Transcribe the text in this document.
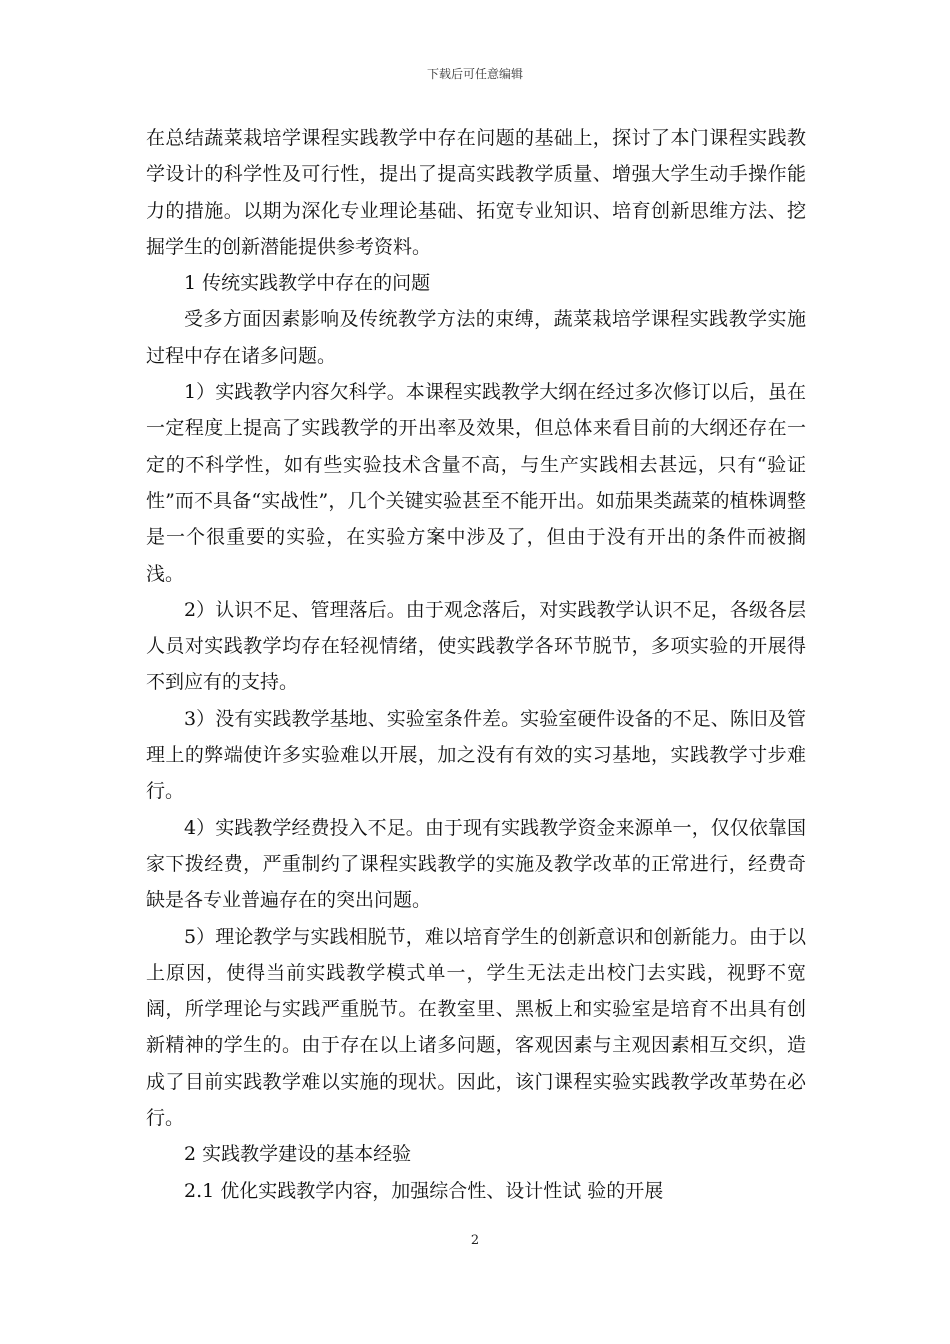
下载后可任意编辑

在总结蔬菜栽培学课程实践教学中存在问题的基础上，探讨了本门课程实践教学设计的科学性及可行性，提出了提高实践教学质量、增强大学生动手操作能力的措施。以期为深化专业理论基础、拓宽专业知识、培育创新思维方法、挖掘学生的创新潜能提供参考资料。

1 传统实践教学中存在的问题

受多方面因素影响及传统教学方法的束缚，蔬菜栽培学课程实践教学实施过程中存在诸多问题。

1）实践教学内容欠科学。本课程实践教学大纲在经过多次修订以后，虽在一定程度上提高了实践教学的开出率及效果，但总体来看目前的大纲还存在一定的不科学性，如有些实验技术含量不高，与生产实践相去甚远，只有“验证性”而不具备“实战性”，几个关键实验甚至不能开出。如茄果类蔬菜的植株调整是一个很重要的实验，在实验方案中涉及了，但由于没有开出的条件而被搁浅。

2）认识不足、管理落后。由于观念落后，对实践教学认识不足，各级各层人员对实践教学均存在轻视情绪，使实践教学各环节脱节，多项实验的开展得不到应有的支持。

3）没有实践教学基地、实验室条件差。实验室硬件设备的不足、陈旧及管理上的弊端使许多实验难以开展，加之没有有效的实习基地，实践教学寸步难行。

4）实践教学经费投入不足。由于现有实践教学资金来源单一，仅仅依靠国家下拨经费，严重制约了课程实践教学的实施及教学改革的正常进行，经费奇缺是各专业普遍存在的突出问题。

5）理论教学与实践相脱节，难以培育学生的创新意识和创新能力。由于以上原因，使得当前实践教学模式单一，学生无法走出校门去实践，视野不宽阔，所学理论与实践严重脱节。在教室里、黑板上和实验室是培育不出具有创新精神的学生的。由于存在以上诸多问题，客观因素与主观因素相互交织，造成了目前实践教学难以实施的现状。因此，该门课程实验实践教学改革势在必行。

2 实践教学建设的基本经验

2.1 优化实践教学内容，加强综合性、设计性试 验的开展

2
